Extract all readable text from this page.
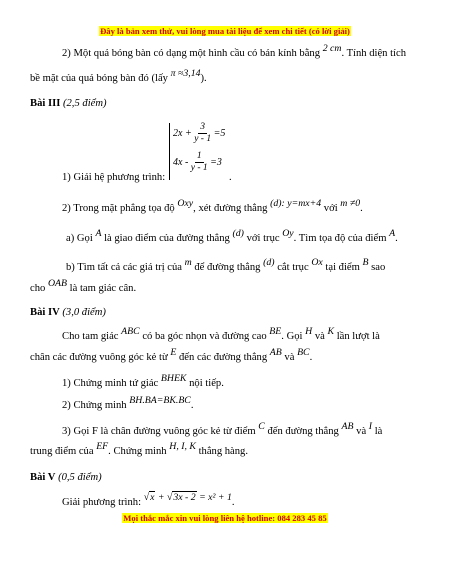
Đây là bản xem thử, vui lòng mua tài liệu để xem chi tiết (có lời giải)
2) Một quả bóng bàn có dạng một hình cầu có bán kính bằng 2 cm. Tính diện tích
bề mặt của quả bóng bàn đó (lấy π ≈3,14).
Bài III (2,5 điểm)
$2x + \frac{3}{y - 1} =5$
$4x - \frac{1}{y - 1} =3$
1) Giải hệ phương trình:	.
2) Trong mặt phẳng tọa độ Oxy, xét đường thẳng (d): y=mx+4 với m ≠0.
a) Gọi A là giao điểm của đường thẳng (d) với trục Oy. Tìm tọa độ của điểm A.
b) Tìm tất cả các giá trị của m để đường thẳng (d) cắt trục Ox tại điểm B sao
cho OAB là tam giác cân.
Bài IV (3,0 điểm)
Cho tam giác ABC có ba góc nhọn và đường cao BE. Gọi H và K lần lượt là
chân các đường vuông góc kẻ từ E đến các đường thẳng AB và BC.
1) Chứng minh tứ giác BHEK nội tiếp.
2) Chứng minh BH.BA=BK.BC.
3) Gọi F là chân đường vuông góc kẻ từ điểm C đến đường thẳng AB và I là
trung điểm của EF. Chứng minh H, I, K thẳng hàng.
Bài V (0,5 điểm)
Giải phương trình: √x + √3x - 2 = x² + 1.
Mọi thắc mắc xin vui lòng liên hệ hotline: 084 283 45 85
